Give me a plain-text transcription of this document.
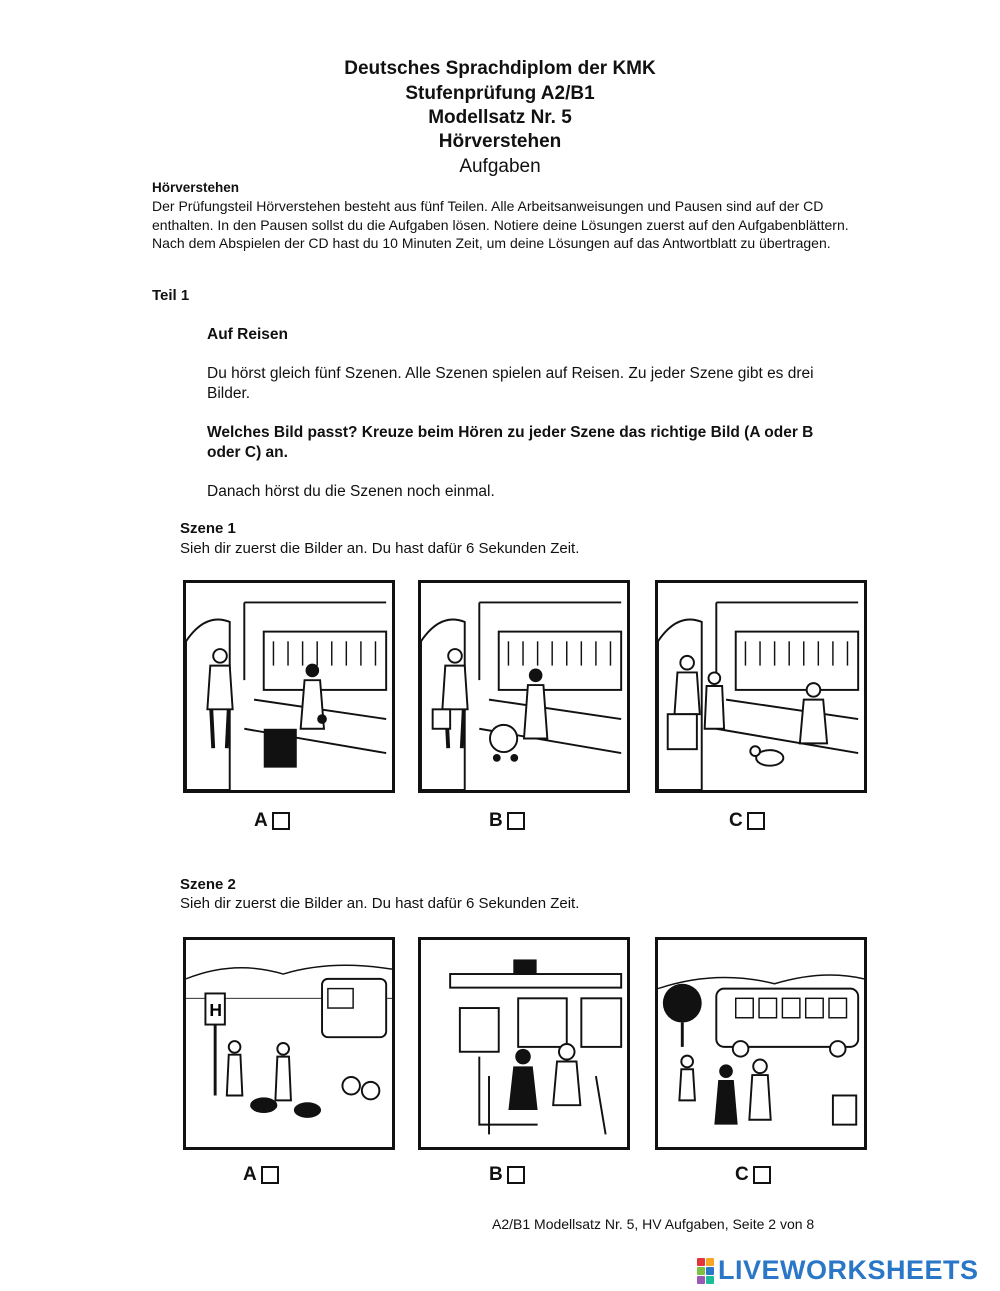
Deutsches Sprachdiplom der KMK
Stufenprüfung A2/B1
Modellsatz Nr. 5
Hörverstehen
Aufgaben
Hörverstehen
Der Prüfungsteil Hörverstehen besteht aus fünf Teilen. Alle Arbeitsanweisungen und Pausen sind auf der CD enthalten. In den Pausen sollst du die Aufgaben lösen. Notiere deine Lösungen zuerst auf den Aufgabenblättern. Nach dem Abspielen der CD hast du 10 Minuten Zeit, um deine Lösungen auf das Antwortblatt zu übertragen.
Teil 1
Auf Reisen
Du hörst gleich fünf Szenen. Alle Szenen spielen auf Reisen. Zu jeder Szene gibt es drei Bilder.
Welches Bild passt? Kreuze beim Hören zu jeder Szene das richtige Bild (A oder B oder C) an.
Danach hörst du die Szenen noch einmal.
Szene 1
Sieh dir zuerst die Bilder an. Du hast dafür 6 Sekunden Zeit.
A	B	C
Szene 2
Sieh dir zuerst die Bilder an. Du hast dafür 6 Sekunden Zeit.
H
A	B	C
A2/B1 Modellsatz Nr. 5, HV Aufgaben, Seite 2 von 8
LIVEWORKSHEETS
